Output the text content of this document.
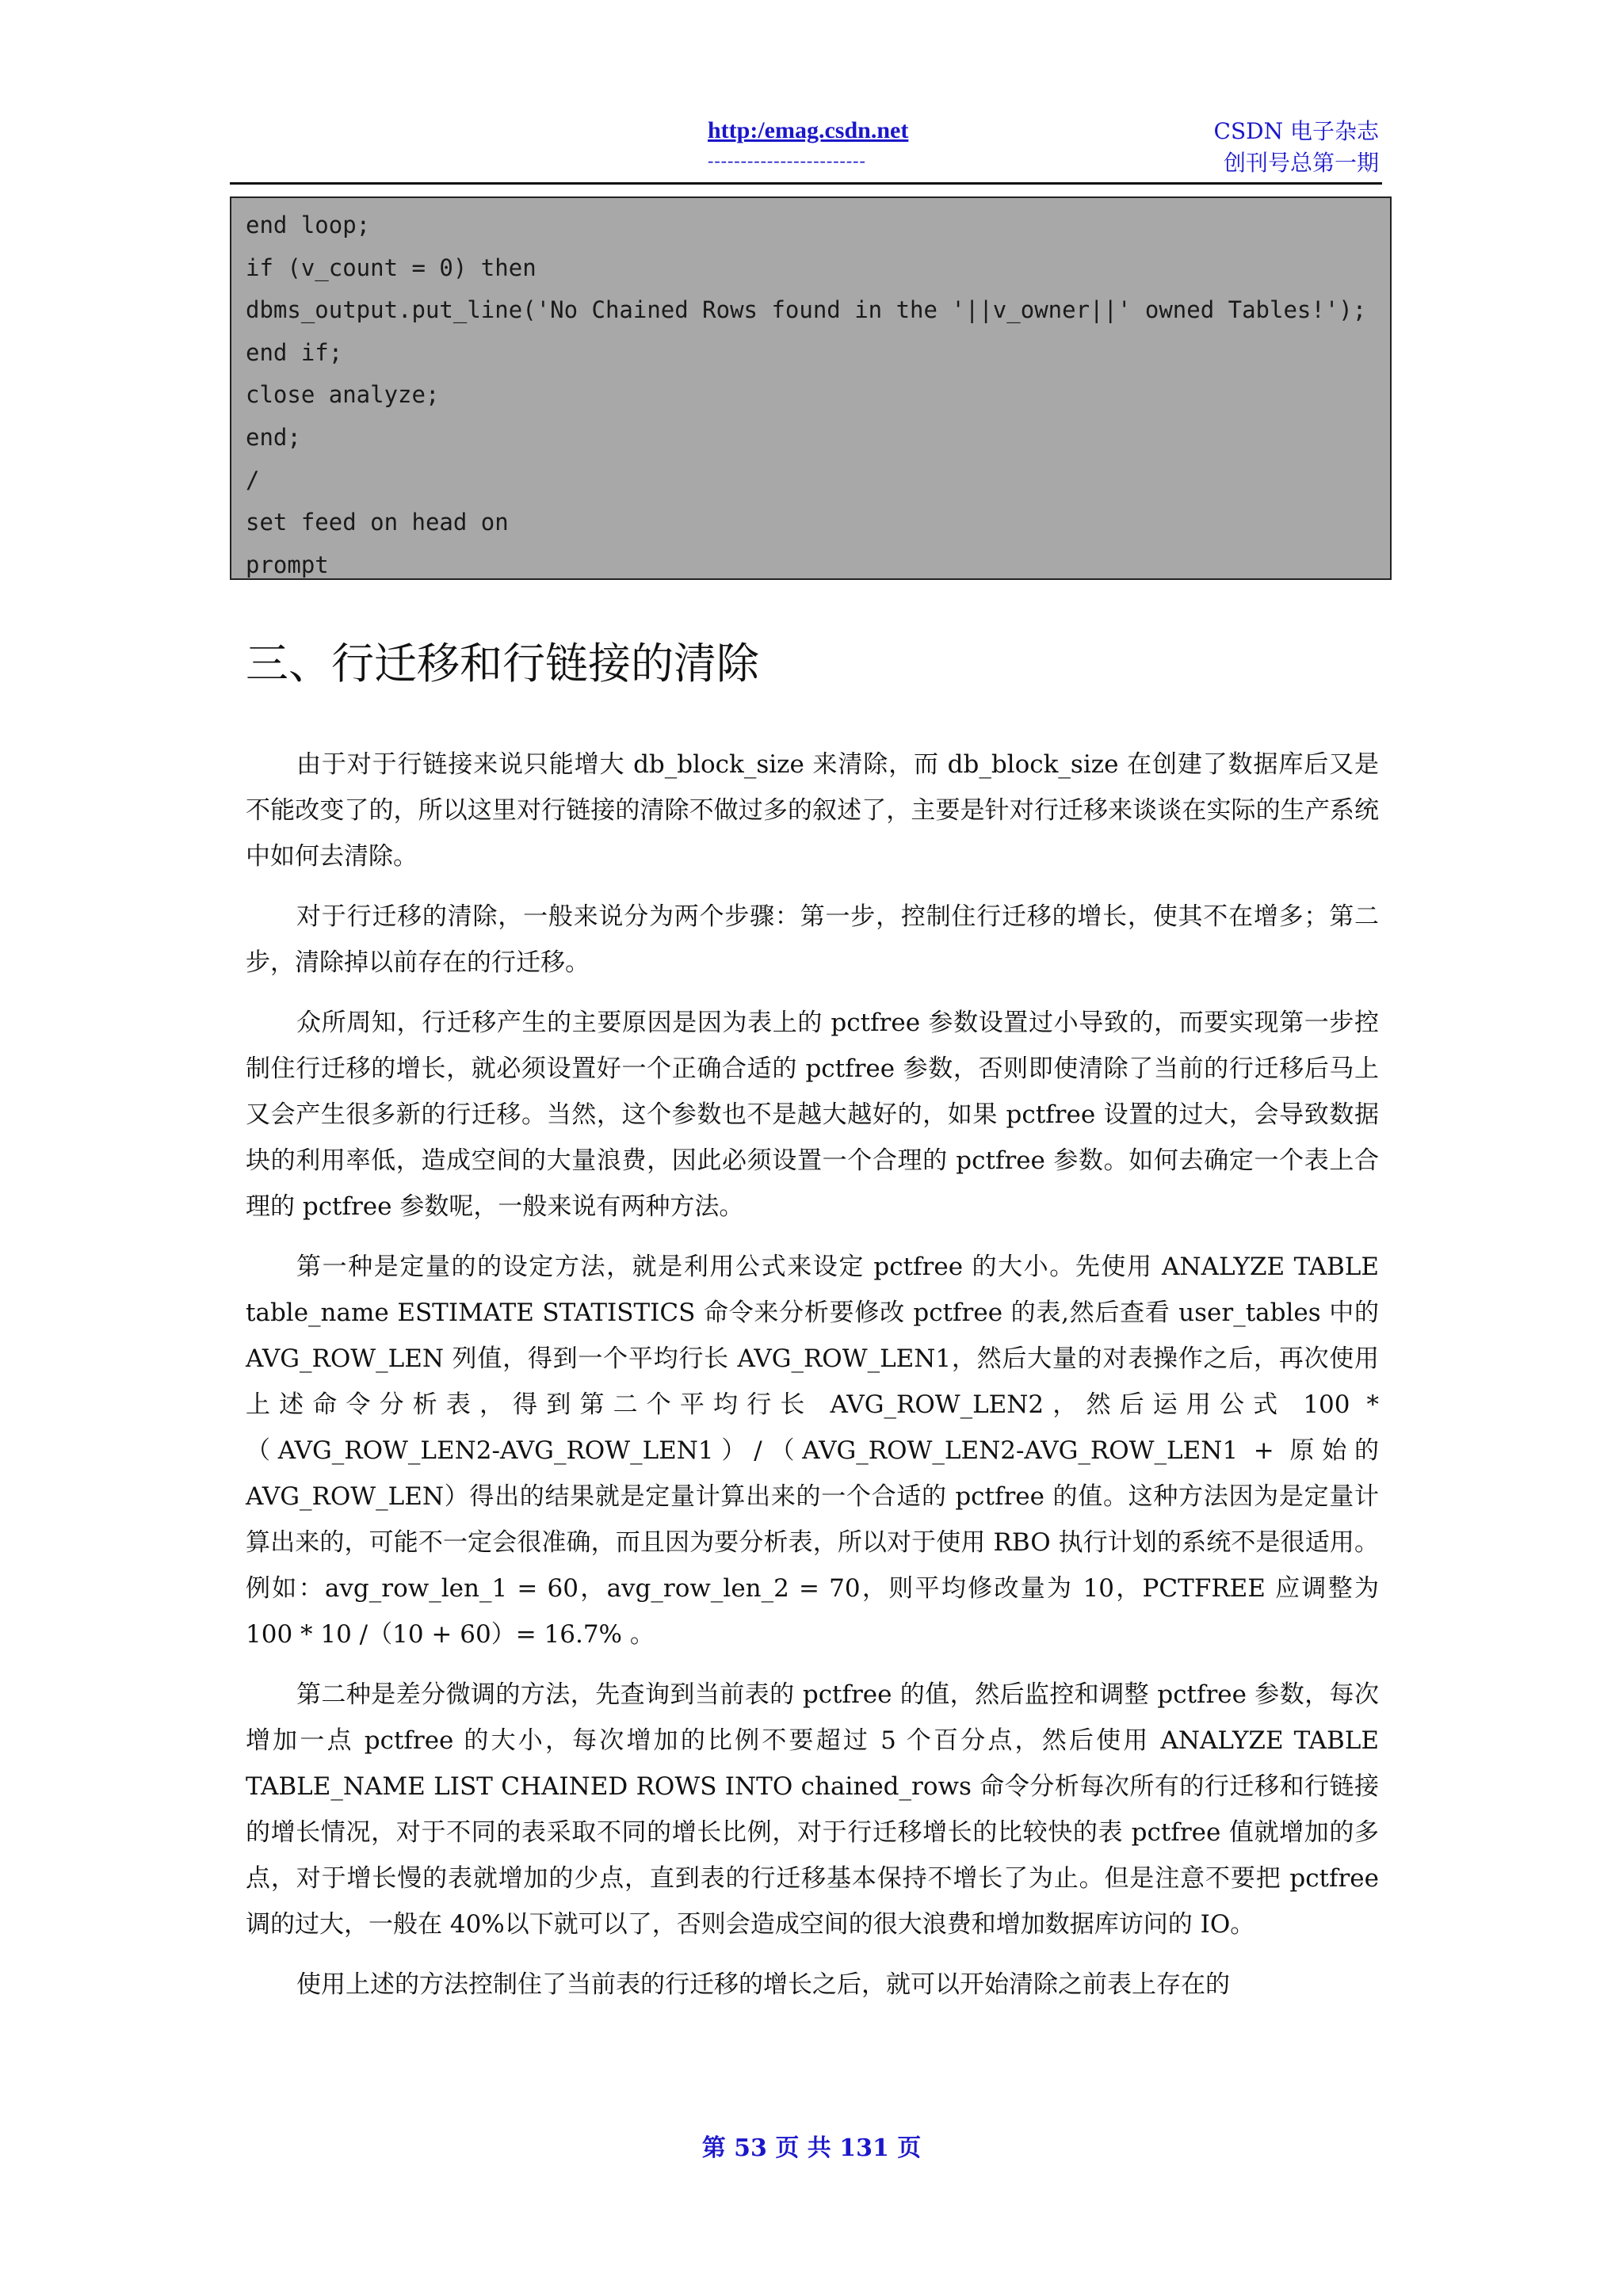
http:/emag.csdn.net
------------------------
CSDN 电子杂志
创刊号总第一期
end loop;
if (v_count = 0) then
dbms_output.put_line('No Chained Rows found in the '||v_owner||' owned Tables!');
end if;
close analyze;
end;
/
set feed on head on
prompt
三、行迁移和行链接的清除

由于对于行链接来说只能增大 db_block_size 来清除，而 db_block_size 在创建了数据库后又是不能改变了的，所以这里对行链接的清除不做过多的叙述了，主要是针对行迁移来谈谈在实际的生产系统中如何去清除。

对于行迁移的清除，一般来说分为两个步骤：第一步，控制住行迁移的增长，使其不在增多；第二步，清除掉以前存在的行迁移。

众所周知，行迁移产生的主要原因是因为表上的 pctfree 参数设置过小导致的，而要实现第一步控制住行迁移的增长，就必须设置好一个正确合适的 pctfree 参数，否则即使清除了当前的行迁移后马上又会产生很多新的行迁移。当然，这个参数也不是越大越好的，如果 pctfree 设置的过大，会导致数据块的利用率低，造成空间的大量浪费，因此必须设置一个合理的 pctfree 参数。如何去确定一个表上合理的 pctfree 参数呢，一般来说有两种方法。

第一种是定量的的设定方法，就是利用公式来设定 pctfree 的大小。先使用 ANALYZE TABLE table_name ESTIMATE STATISTICS 命令来分析要修改 pctfree 的表,然后查看 user_tables 中的 AVG_ROW_LEN 列值，得到一个平均行长 AVG_ROW_LEN1，然后大量的对表操作之后，再次使用上述命令分析表，得到第二个平均行长 AVG_ROW_LEN2，然后运用公式 100 * （AVG_ROW_LEN2-AVG_ROW_LEN1）/（AVG_ROW_LEN2-AVG_ROW_LEN1 + 原始的 AVG_ROW_LEN）得出的结果就是定量计算出来的一个合适的 pctfree 的值。这种方法因为是定量计算出来的，可能不一定会很准确，而且因为要分析表，所以对于使用 RBO 执行计划的系统不是很适用。例如：avg_row_len_1 = 60，avg_row_len_2 = 70，则平均修改量为 10，PCTFREE 应调整为 100 * 10 /（10 + 60）= 16.7% 。

第二种是差分微调的方法，先查询到当前表的 pctfree 的值，然后监控和调整 pctfree 参数，每次增加一点 pctfree 的大小，每次增加的比例不要超过 5 个百分点，然后使用 ANALYZE TABLE TABLE_NAME LIST CHAINED ROWS INTO chained_rows 命令分析每次所有的行迁移和行链接的增长情况，对于不同的表采取不同的增长比例，对于行迁移增长的比较快的表 pctfree 值就增加的多点，对于增长慢的表就增加的少点，直到表的行迁移基本保持不增长了为止。但是注意不要把 pctfree 调的过大，一般在 40%以下就可以了，否则会造成空间的很大浪费和增加数据库访问的 IO。

使用上述的方法控制住了当前表的行迁移的增长之后，就可以开始清除之前表上存在的

第 53 页 共 131 页
